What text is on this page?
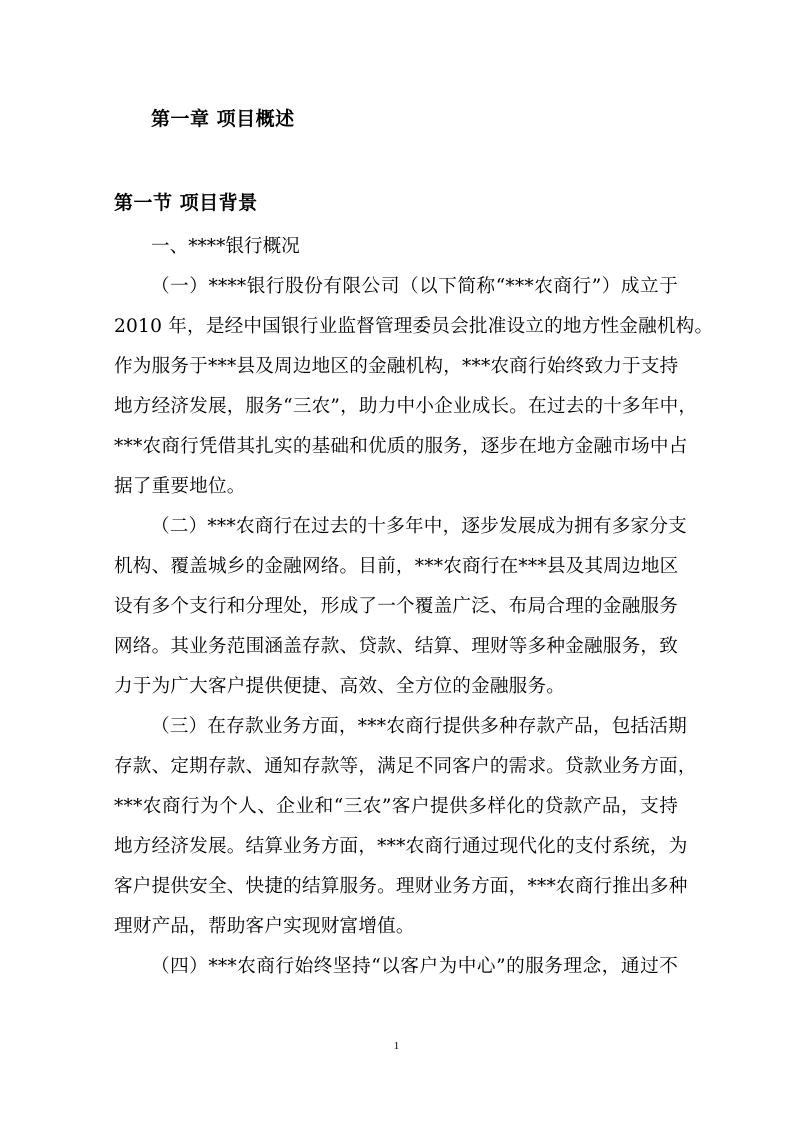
第一章 项目概述
第一节 项目背景
一、****银行概况
（一）****银行股份有限公司（以下简称“***农商行”）成立于
2010 年，是经中国银行业监督管理委员会批准设立的地方性金融机构。
作为服务于***县及周边地区的金融机构，***农商行始终致力于支持
地方经济发展，服务“三农”，助力中小企业成长。在过去的十多年中，
***农商行凭借其扎实的基础和优质的服务，逐步在地方金融市场中占
据了重要地位。
（二）***农商行在过去的十多年中，逐步发展成为拥有多家分支
机构、覆盖城乡的金融网络。目前，***农商行在***县及其周边地区
设有多个支行和分理处，形成了一个覆盖广泛、布局合理的金融服务
网络。其业务范围涵盖存款、贷款、结算、理财等多种金融服务，致
力于为广大客户提供便捷、高效、全方位的金融服务。
（三）在存款业务方面，***农商行提供多种存款产品，包括活期
存款、定期存款、通知存款等，满足不同客户的需求。贷款业务方面，
***农商行为个人、企业和“三农”客户提供多样化的贷款产品，支持
地方经济发展。结算业务方面，***农商行通过现代化的支付系统，为
客户提供安全、快捷的结算服务。理财业务方面，***农商行推出多种
理财产品，帮助客户实现财富增值。
（四）***农商行始终坚持“以客户为中心”的服务理念，通过不
1
